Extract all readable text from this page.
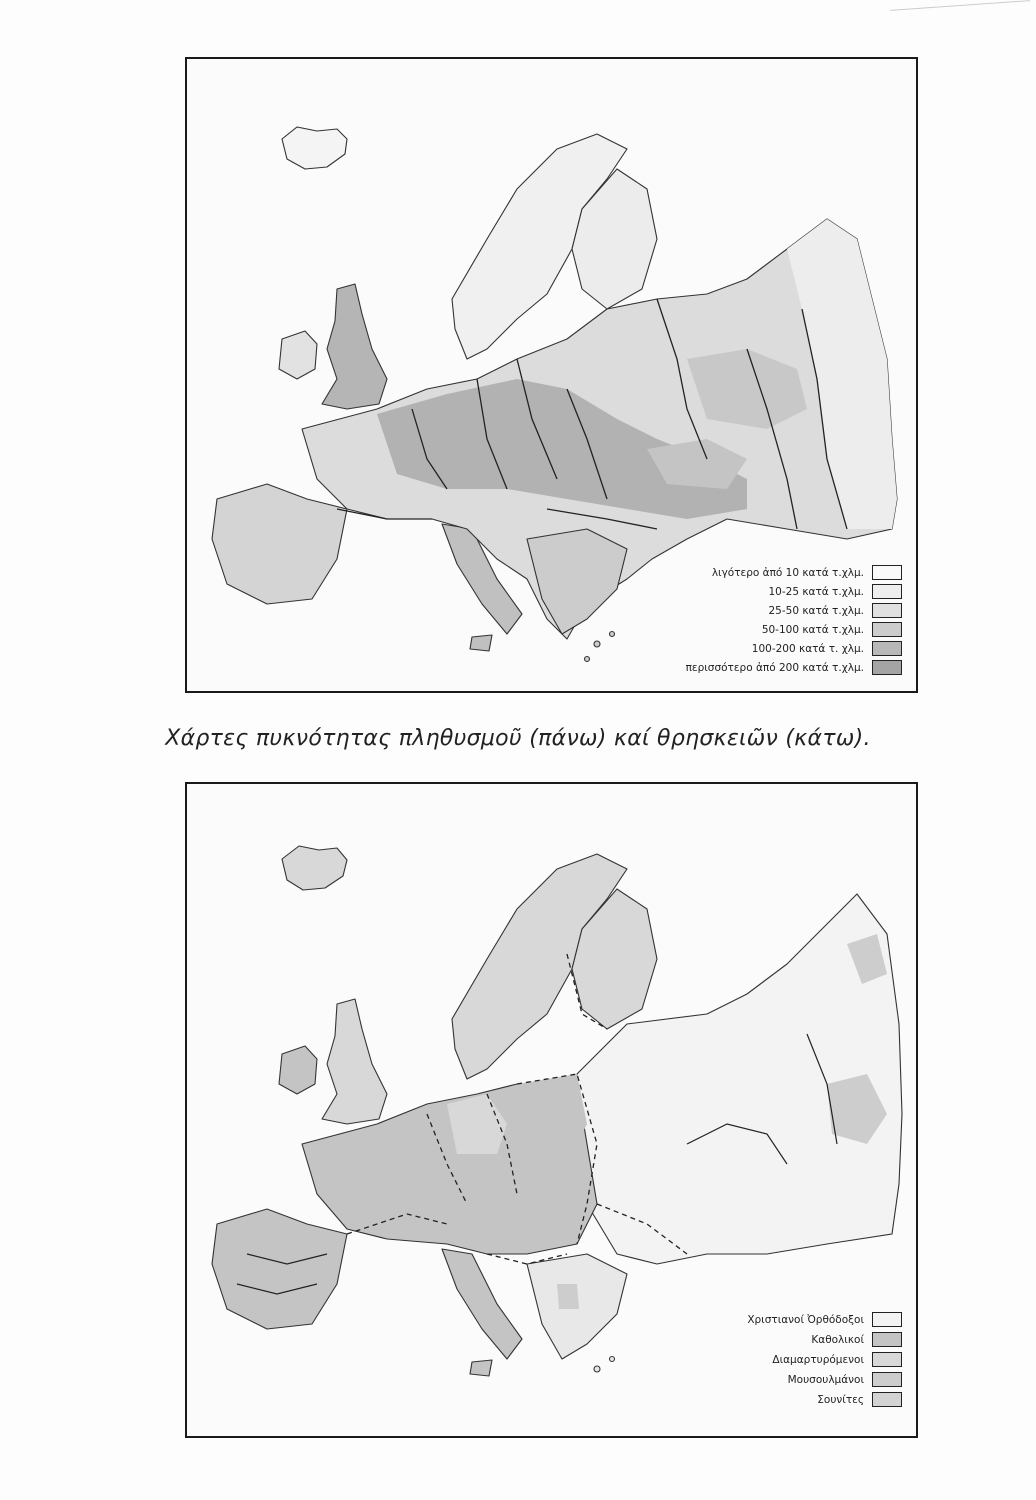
λιγότερο ἀπό 10 κατά τ.χλμ.
10-25 κατά τ.χλμ.
25-50 κατά τ.χλμ.
50-100 κατά τ.χλμ.
100-200 κατά τ. χλμ.
περισσότερο ἀπό 200 κατά τ.χλμ.
Χάρτες πυκνότητας πληθυσμοῦ (πάνω) καί θρησκειῶν (κάτω).
Χριστιανοί Ὀρθόδοξοι
Καθολικοί
Διαμαρτυρόμενοι
Μουσουλμάνοι
Σουνίτες
